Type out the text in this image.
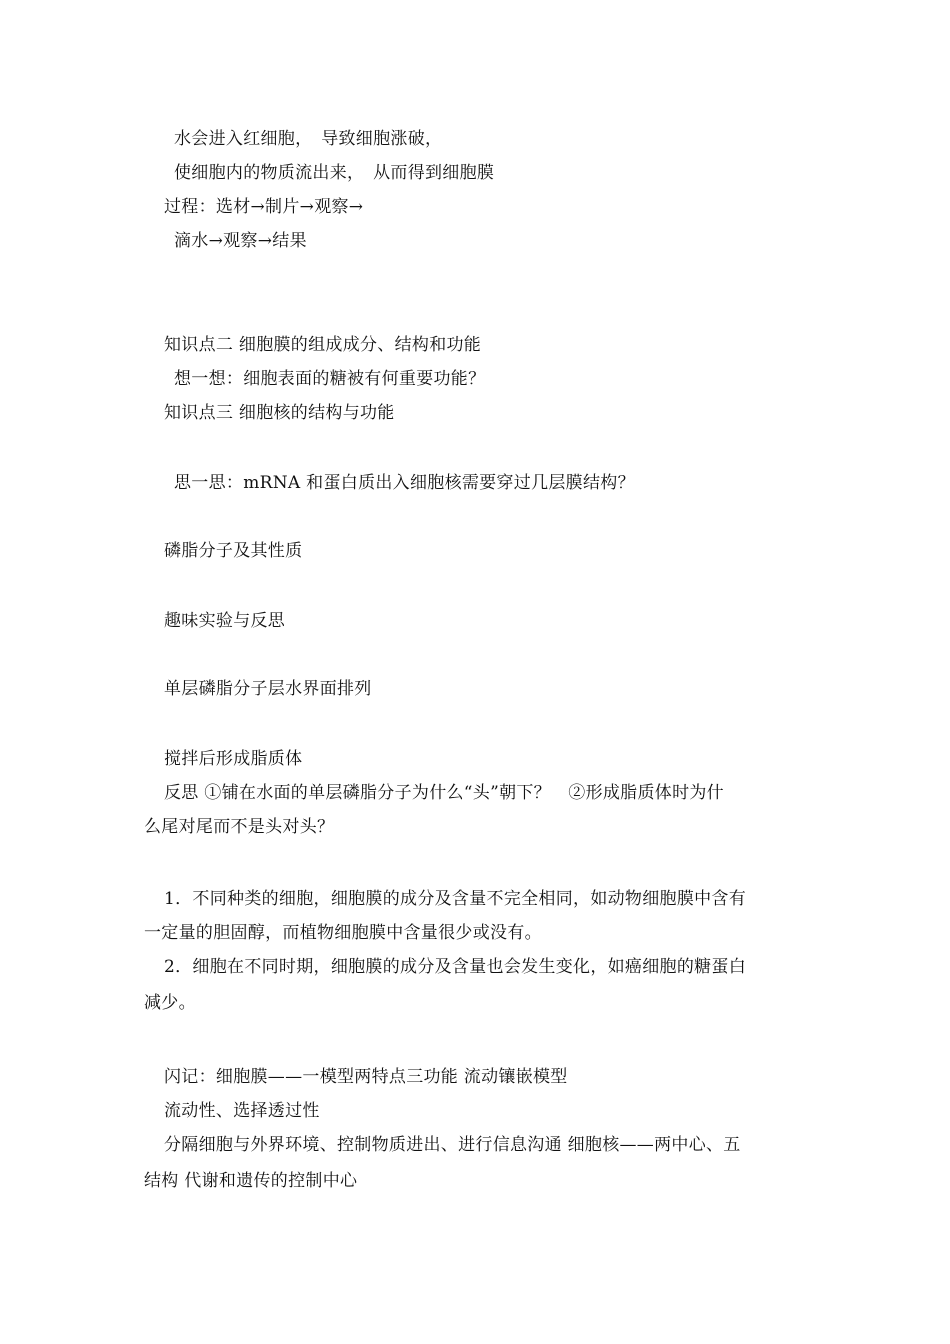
水会进入红细胞，　导致细胞涨破，
使细胞内的物质流出来，　从而得到细胞膜
过程：选材→制片→观察→
滴水→观察→结果
知识点二 细胞膜的组成成分、结构和功能
想一想：细胞表面的糖被有何重要功能？
知识点三 细胞核的结构与功能
思一思：mRNA 和蛋白质出入细胞核需要穿过几层膜结构？
磷脂分子及其性质
趣味实验与反思
单层磷脂分子层水界面排列
搅拌后形成脂质体
反思 ①铺在水面的单层磷脂分子为什么“头”朝下？　②形成脂质体时为什
么尾对尾而不是头对头？
1．不同种类的细胞，细胞膜的成分及含量不完全相同，如动物细胞膜中含有
一定量的胆固醇，而植物细胞膜中含量很少或没有。
2．细胞在不同时期，细胞膜的成分及含量也会发生变化，如癌细胞的糖蛋白
减少。
闪记：细胞膜——一模型两特点三功能 流动镶嵌模型
流动性、选择透过性
分隔细胞与外界环境、控制物质进出、进行信息沟通 细胞核——两中心、五
结构 代谢和遗传的控制中心
